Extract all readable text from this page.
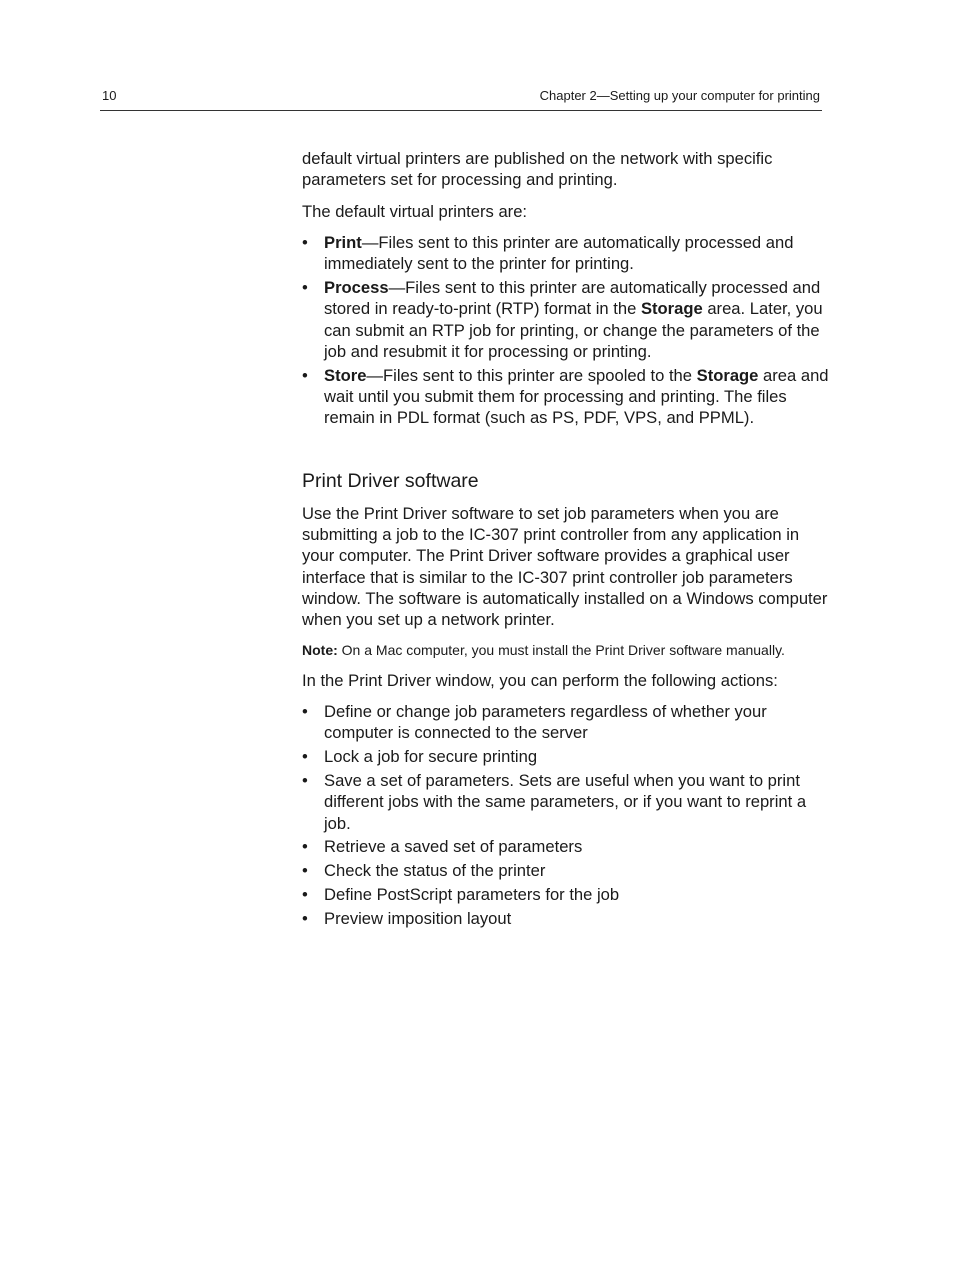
10	Chapter 2—Setting up your computer for printing

default virtual printers are published on the network with specific parameters set for processing and printing.

The default virtual printers are:

• Print—Files sent to this printer are automatically processed and immediately sent to the printer for printing.
• Process—Files sent to this printer are automatically processed and stored in ready-to-print (RTP) format in the Storage area. Later, you can submit an RTP job for printing, or change the parameters of the job and resubmit it for processing or printing.
• Store—Files sent to this printer are spooled to the Storage area and wait until you submit them for processing and printing. The files remain in PDL format (such as PS, PDF, VPS, and PPML).
Print Driver software

Use the Print Driver software to set job parameters when you are submitting a job to the IC-307 print controller from any application in your computer. The Print Driver software provides a graphical user interface that is similar to the IC-307 print controller job parameters window. The software is automatically installed on a Windows computer when you set up a network printer.

Note: On a Mac computer, you must install the Print Driver software manually.

In the Print Driver window, you can perform the following actions:

• Define or change job parameters regardless of whether your computer is connected to the server
• Lock a job for secure printing
• Save a set of parameters. Sets are useful when you want to print different jobs with the same parameters, or if you want to reprint a job.
• Retrieve a saved set of parameters
• Check the status of the printer
• Define PostScript parameters for the job
• Preview imposition layout
